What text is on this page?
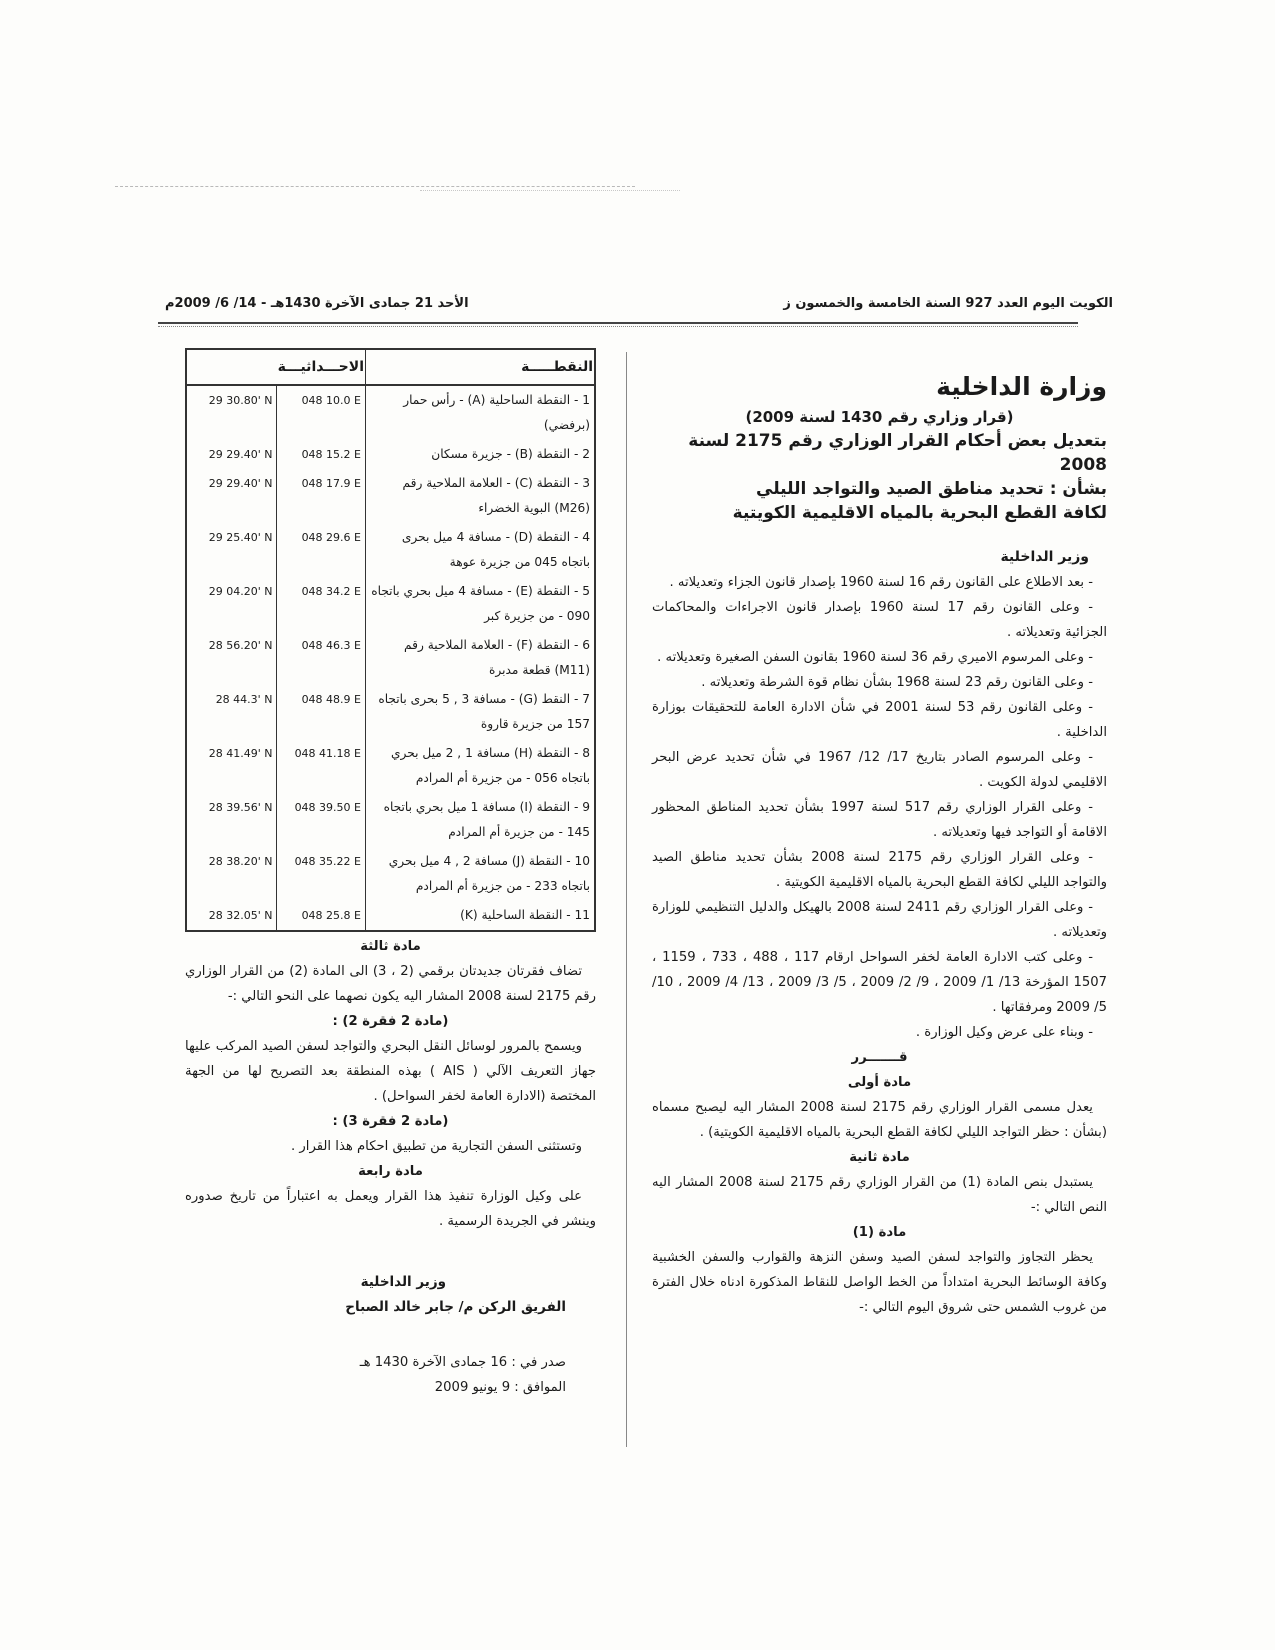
الكويت اليوم العدد 927 السنة الخامسة والخمسون ز
الأحد 21 جمادى الآخرة 1430هـ - 14/ 6/ 2009م
وزارة الداخلية
(قرار وزاري رقم 1430 لسنة 2009)
بتعديل بعض أحكام القرار الوزاري رقم 2175 لسنة 2008
بشأن : تحديد مناطق الصيد والتواجد الليلي
لكافة القطع البحرية بالمياه الاقليمية الكويتية
وزير الداخلية

- بعد الاطلاع على القانون رقم 16 لسنة 1960 بإصدار قانون الجزاء وتعديلاته .

- وعلى القانون رقم 17 لسنة 1960 بإصدار قانون الاجراءات والمحاكمات الجزائية وتعديلاته .

- وعلى المرسوم الاميري رقم 36 لسنة 1960 بقانون السفن الصغيرة وتعديلاته .

- وعلى القانون رقم 23 لسنة 1968 بشأن نظام قوة الشرطة وتعديلاته .

- وعلى القانون رقم 53 لسنة 2001 في شأن الادارة العامة للتحقيقات بوزارة الداخلية .

- وعلى المرسوم الصادر بتاريخ 17/ 12/ 1967 في شأن تحديد عرض البحر الاقليمي لدولة الكويت .

- وعلى القرار الوزاري رقم 517 لسنة 1997 بشأن تحديد المناطق المحظور الاقامة أو التواجد فيها وتعديلاته .

- وعلى القرار الوزاري رقم 2175 لسنة 2008 بشأن تحديد مناطق الصيد والتواجد الليلي لكافة القطع البحرية بالمياه الاقليمية الكويتية .

- وعلى القرار الوزاري رقم 2411 لسنة 2008 بالهيكل والدليل التنظيمي للوزارة وتعديلاته .

- وعلى كتب الادارة العامة لخفر السواحل ارقام 117 ، 488 ، 733 ، 1159 ، 1507 المؤرخة 13/ 1/ 2009 ، 9/ 2/ 2009 ، 5/ 3/ 2009 ، 13/ 4/ 2009 ، 10/ 5/ 2009 ومرفقاتها .

- وبناء على عرض وكيل الوزارة .

قـــــــرر
مادة أولى

يعدل مسمى القرار الوزاري رقم 2175 لسنة 2008 المشار اليه ليصبح مسماه (بشأن : حظر التواجد الليلي لكافة القطع البحرية بالمياه الاقليمية الكويتية) .

مادة ثانية

يستبدل بنص المادة (1) من القرار الوزاري رقم 2175 لسنة 2008 المشار اليه النص التالي :-

مادة (1)

يحظر التجاوز والتواجد لسفن الصيد وسفن النزهة والقوارب والسفن الخشبية وكافة الوسائط البحرية امتداداً من الخط الواصل للنقاط المذكورة ادناه خلال الفترة من غروب الشمس حتى شروق اليوم التالي :-

النقطـــــة	الاحـــداثيـــة	
1 - النقطة الساحلية (A) - رأس حمار (برفضي)	048 10.0 E	29 30.80' N
2 - النقطة (B) - جزيرة مسكان	048 15.2 E	29 29.40' N
3 - النقطة (C) - العلامة الملاحية رقم (M26) البوية الخضراء	048 17.9 E	29 29.40' N
4 - النقطة (D) - مسافة 4 ميل بحرى باتجاه 045 من جزيرة عوهة	048 29.6 E	29 25.40' N
5 - النقطة (E) - مسافة 4 ميل بحري باتجاه 090 - من جزيرة كبر	048 34.2 E	29 04.20' N
6 - النقطة (F) - العلامة الملاحية رقم (M11) قطعة مدبرة	048 46.3 E	28 56.20' N
7 - النقط (G) - مسافة 3 , 5 بحرى باتجاه 157 من جزيرة قاروة	048 48.9 E	28 44.3' N
8 - النقطة (H) مسافة 1 , 2 ميل بحري باتجاه 056 - من جزيرة أم المرادم	048 41.18 E	28 41.49' N
9 - النقطة (I) مسافة 1 ميل بحري باتجاه 145 - من جزيرة أم المرادم	048 39.50 E	28 39.56' N
10 - النقطة (J) مسافة 2 , 4 ميل بحري باتجاه 233 - من جزيرة أم المرادم	048 35.22 E	28 38.20' N
11 - النقطة الساحلية (K)	048 25.8 E	28 32.05' N
مادة ثالثة

تضاف فقرتان جديدتان برقمي (2 ، 3) الى المادة (2) من القرار الوزاري رقم 2175 لسنة 2008 المشار اليه يكون نصهما على النحو التالي :-

(مادة 2 فقرة 2) :

ويسمح بالمرور لوسائل النقل البحري والتواجد لسفن الصيد المركب عليها جهاز التعريف الآلي ( AIS ) بهذه المنطقة بعد التصريح لها من الجهة المختصة (الادارة العامة لخفر السواحل) .

(مادة 2 فقرة 3) :

وتستثنى السفن التجارية من تطبيق احكام هذا القرار .

مادة رابعة

على وكيل الوزارة تنفيذ هذا القرار ويعمل به اعتباراً من تاريخ صدوره وينشر في الجريدة الرسمية .

وزير الداخلية
الفريق الركن م/ جابر خالد الصباح
صدر في : 16 جمادى الآخرة 1430 هـ
الموافق : 9 يونيو 2009
